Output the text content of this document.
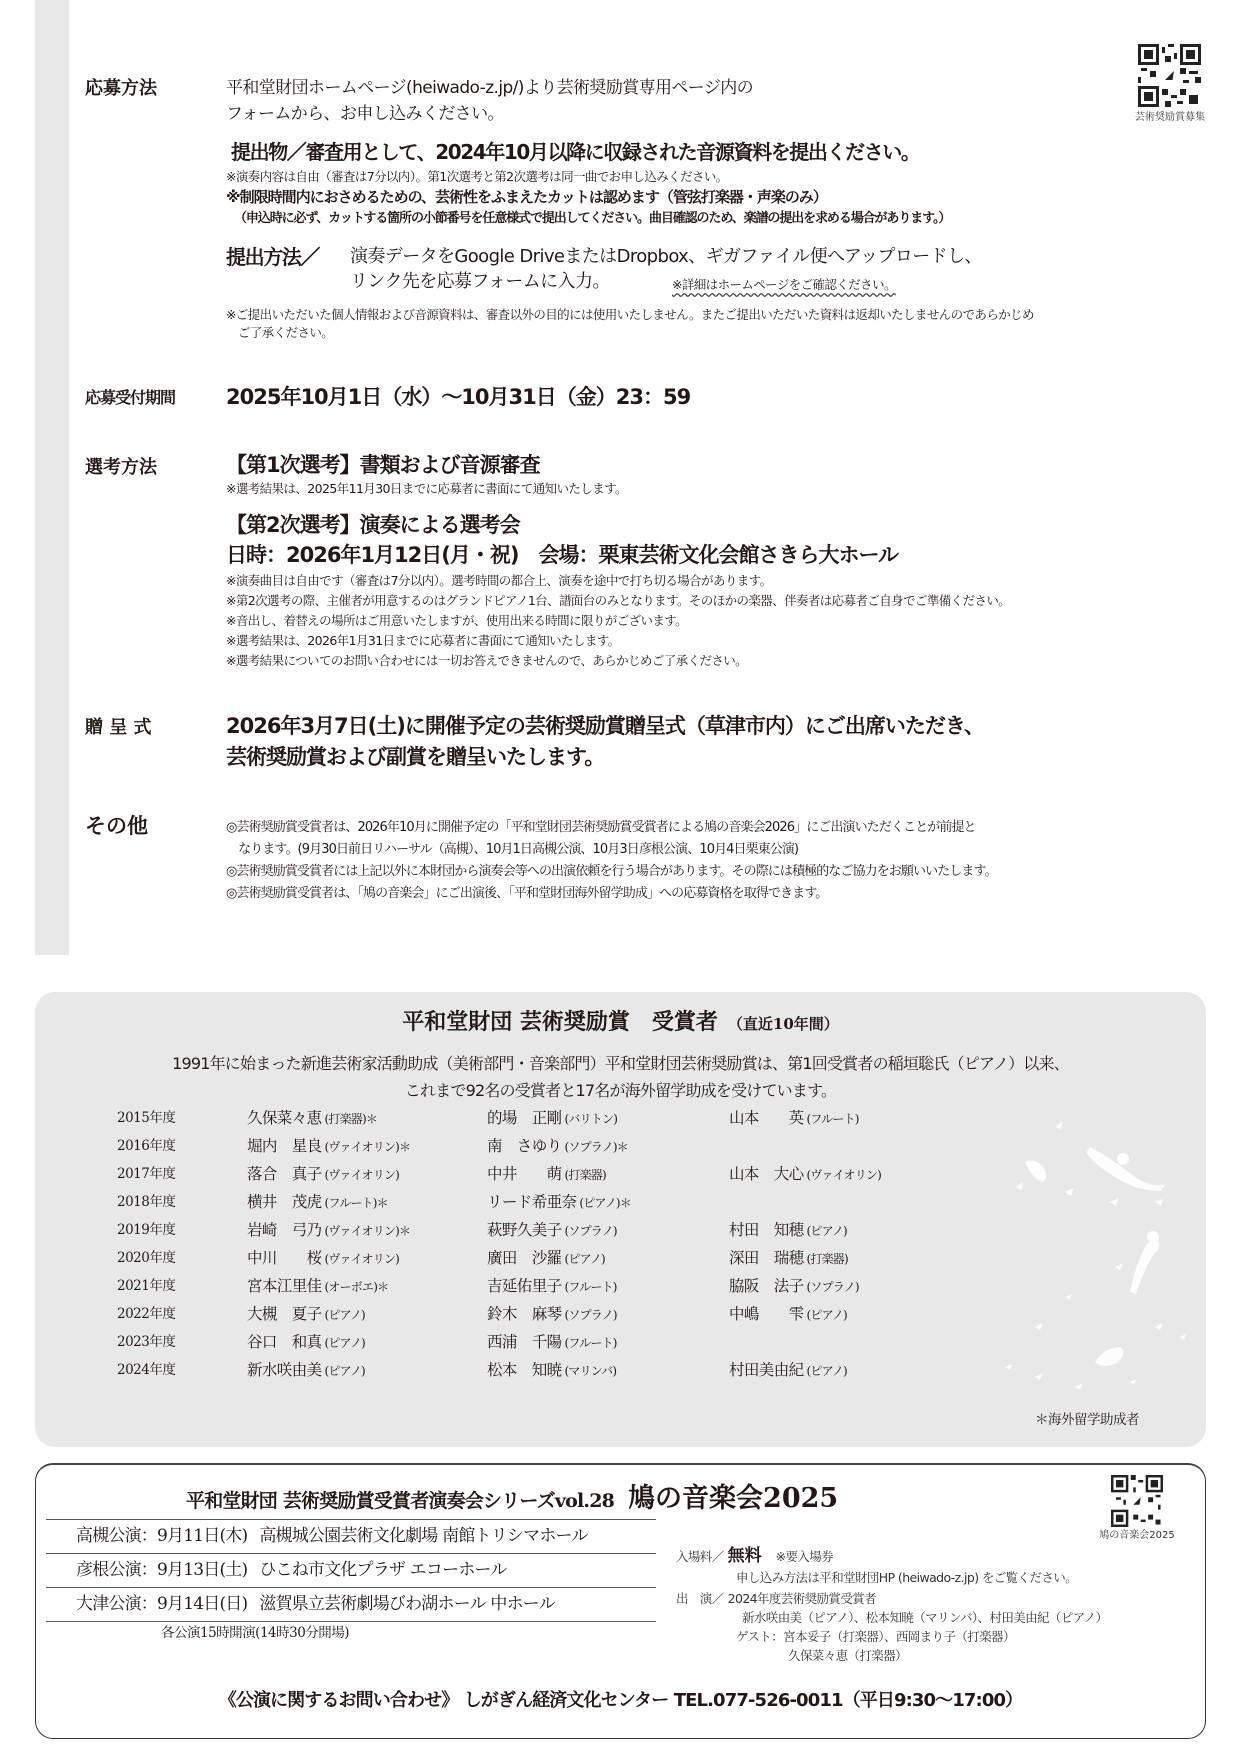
芸術奨励賞募集
応募方法	平和堂財団ホームページ(heiwado-z.jp/)より芸術奨励賞専用ページ内の
フォームから、お申し込みください。
提出物／審査用として、2024年10月以降に収録された音源資料を提出ください。
※演奏内容は自由（審査は7分以内）。第1次選考と第2次選考は同一曲でお申し込みください。
※制限時間内におさめるための、芸術性をふまえたカットは認めます（管弦打楽器・声楽のみ）
（申込時に必ず、カットする箇所の小節番号を任意様式で提出してください。曲目確認のため、楽譜の提出を求める場合があります。）
提出方法／ 演奏データをGoogle DriveまたはDropbox、ギガファイル便へアップロードし、
リンク先を応募フォームに入力。	※詳細はホームページをご確認ください。
※ご提出いただいた個人情報および音源資料は、審査以外の目的には使用いたしません。またご提出いただいた資料は返却いたしませんのであらかじめ
ご了承ください。
応募受付期間	2025年10月1日（水）～10月31日（金）23：59
選考方法	【第1次選考】書類および音源審査
※選考結果は、2025年11月30日までに応募者に書面にて通知いたします。
【第2次選考】演奏による選考会
日時：2026年1月12日(月・祝)　会場：栗東芸術文化会館さきら大ホール
※演奏曲目は自由です（審査は7分以内）。選考時間の都合上、演奏を途中で打ち切る場合があります。
※第2次選考の際、主催者が用意するのはグランドピアノ1台、譜面台のみとなります。そのほかの楽器、伴奏者は応募者ご自身でご準備ください。
※音出し、着替えの場所はご用意いたしますが、使用出来る時間に限りがございます。
※選考結果は、2026年1月31日までに応募者に書面にて通知いたします。
※選考結果についてのお問い合わせには一切お答えできませんので、あらかじめご了承ください。
贈 呈 式	2026年3月7日(土)に開催予定の芸術奨励賞贈呈式（草津市内）にご出席いただき、
芸術奨励賞および副賞を贈呈いたします。
その他	◎芸術奨励賞受賞者は、2026年10月に開催予定の「平和堂財団芸術奨励賞受賞者による鳩の音楽会2026」にご出演いただくことが前提と
　なります。(9月30日前日リハーサル（高槻）、10月1日高槻公演、10月3日彦根公演、10月4日栗東公演)
◎芸術奨励賞受賞者には上記以外に本財団から演奏会等への出演依頼を行う場合があります。その際には積極的なご協力をお願いいたします。
◎芸術奨励賞受賞者は、「鳩の音楽会」にご出演後、「平和堂財団海外留学助成」への応募資格を取得できます。
平和堂財団 芸術奨励賞　受賞者 （直近10年間）
1991年に始まった新進芸術家活動助成（美術部門・音楽部門）平和堂財団芸術奨励賞は、第1回受賞者の稲垣聡氏（ピアノ）以来、
これまで92名の受賞者と17名が海外留学助成を受けています。
2015年度	久保菜々恵 (打楽器)＊	的場　正剛 (バリトン)	山本　　英 (フルート)
2016年度	堀内　星良 (ヴァイオリン)＊	南　さゆり (ソプラノ)＊
2017年度	落合　真子 (ヴァイオリン)	中井　　萌 (打楽器)	山本　大心 (ヴァイオリン)
2018年度	横井　茂虎 (フルート)＊	リード希亜奈 (ピアノ)＊
2019年度	岩崎　弓乃 (ヴァイオリン)＊	萩野久美子 (ソプラノ)	村田　知穂 (ピアノ)
2020年度	中川　　桜 (ヴァイオリン)	廣田　沙羅 (ピアノ)	深田　瑞穂 (打楽器)
2021年度	宮本江里佳 (オーボエ)＊	吉延佑里子 (フルート)	脇阪　法子 (ソプラノ)
2022年度	大槻　夏子 (ピアノ)	鈴木　麻琴 (ソプラノ)	中嶋　　雫 (ピアノ)
2023年度	谷口　和真 (ピアノ)	西浦　千陽 (フルート)
2024年度	新水咲由美 (ピアノ)	松本　知暁 (マリンバ)	村田美由紀 (ピアノ)
＊海外留学助成者
平和堂財団 芸術奨励賞受賞者演奏会シリーズvol.28 鳩の音楽会2025
鳩の音楽会2025
高槻公演：9月11日(木) 高槻城公園芸術文化劇場 南館トリシマホール
彦根公演：9月13日(土) ひこね市文化プラザ エコーホール
大津公演：9月14日(日) 滋賀県立芸術劇場びわ湖ホール 中ホール
各公演15時開演(14時30分開場)
入場料／ 無料 ※要入場券
申し込み方法は平和堂財団HP (heiwado-z.jp) をご覧ください。
出　演／ 2024年度芸術奨励賞受賞者
新水咲由美（ピアノ）、松本知暁（マリンバ）、村田美由紀（ピアノ）
ゲスト：宮本妥子（打楽器）、西岡まり子（打楽器）
久保菜々恵（打楽器）
《公演に関するお問い合わせ》 しがぎん経済文化センター TEL.077-526-0011（平日9:30～17:00）
